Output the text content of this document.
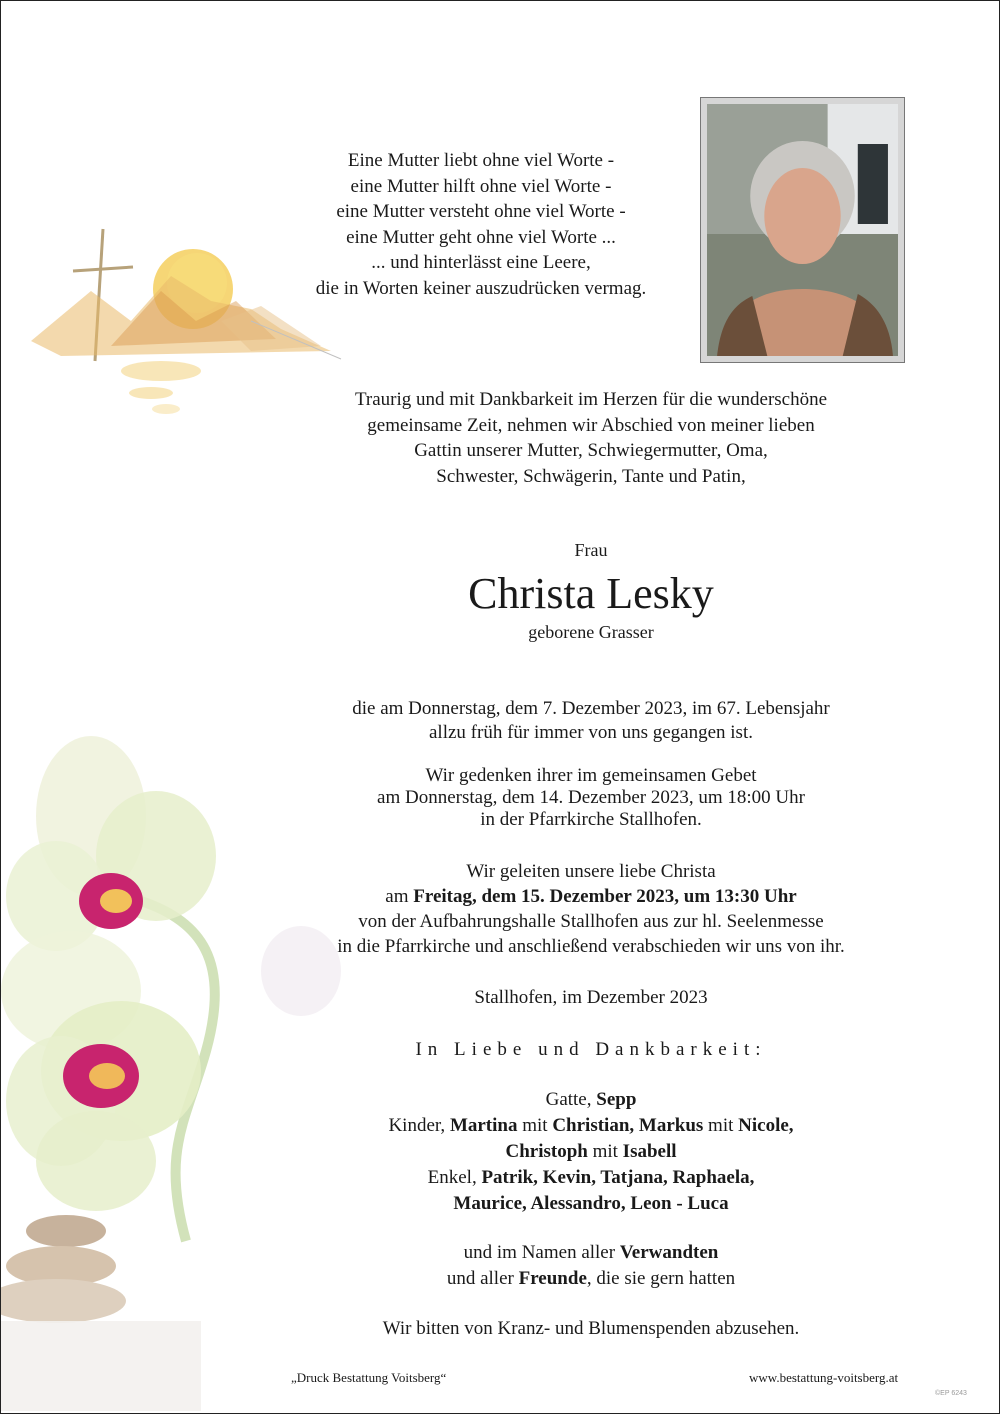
Eine Mutter liebt ohne viel Worte -
eine Mutter hilft ohne viel Worte -
eine Mutter versteht ohne viel Worte -
eine Mutter geht ohne viel Worte ...
... und hinterlässt eine Leere,
die in Worten keiner auszudrücken vermag.
Traurig und mit Dankbarkeit im Herzen für die wunderschöne
gemeinsame Zeit, nehmen wir Abschied von meiner lieben
Gattin unserer Mutter, Schwiegermutter, Oma,
Schwester, Schwägerin, Tante und Patin,
Frau
Christa Lesky
geborene Grasser
die am Donnerstag, dem 7. Dezember 2023, im 67. Lebensjahr
allzu früh für immer von uns gegangen ist.
Wir gedenken ihrer im gemeinsamen Gebet
am Donnerstag, dem 14. Dezember 2023, um 18:00 Uhr
in der Pfarrkirche Stallhofen.
Wir geleiten unsere liebe Christa
am Freitag, dem 15. Dezember 2023, um 13:30 Uhr
von der Aufbahrungshalle Stallhofen aus zur hl. Seelenmesse
in die Pfarrkirche und anschließend verabschieden wir uns von ihr.
Stallhofen, im Dezember 2023
In Liebe und Dankbarkeit:
Gatte, Sepp
Kinder, Martina mit Christian, Markus mit Nicole,
Christoph mit Isabell
Enkel, Patrik, Kevin, Tatjana, Raphaela,
Maurice, Alessandro, Leon - Luca
und im Namen aller Verwandten
und aller Freunde, die sie gern hatten
Wir bitten von Kranz- und Blumenspenden abzusehen.
„Druck Bestattung Voitsberg“	www.bestattung-voitsberg.at
©EP 6243
